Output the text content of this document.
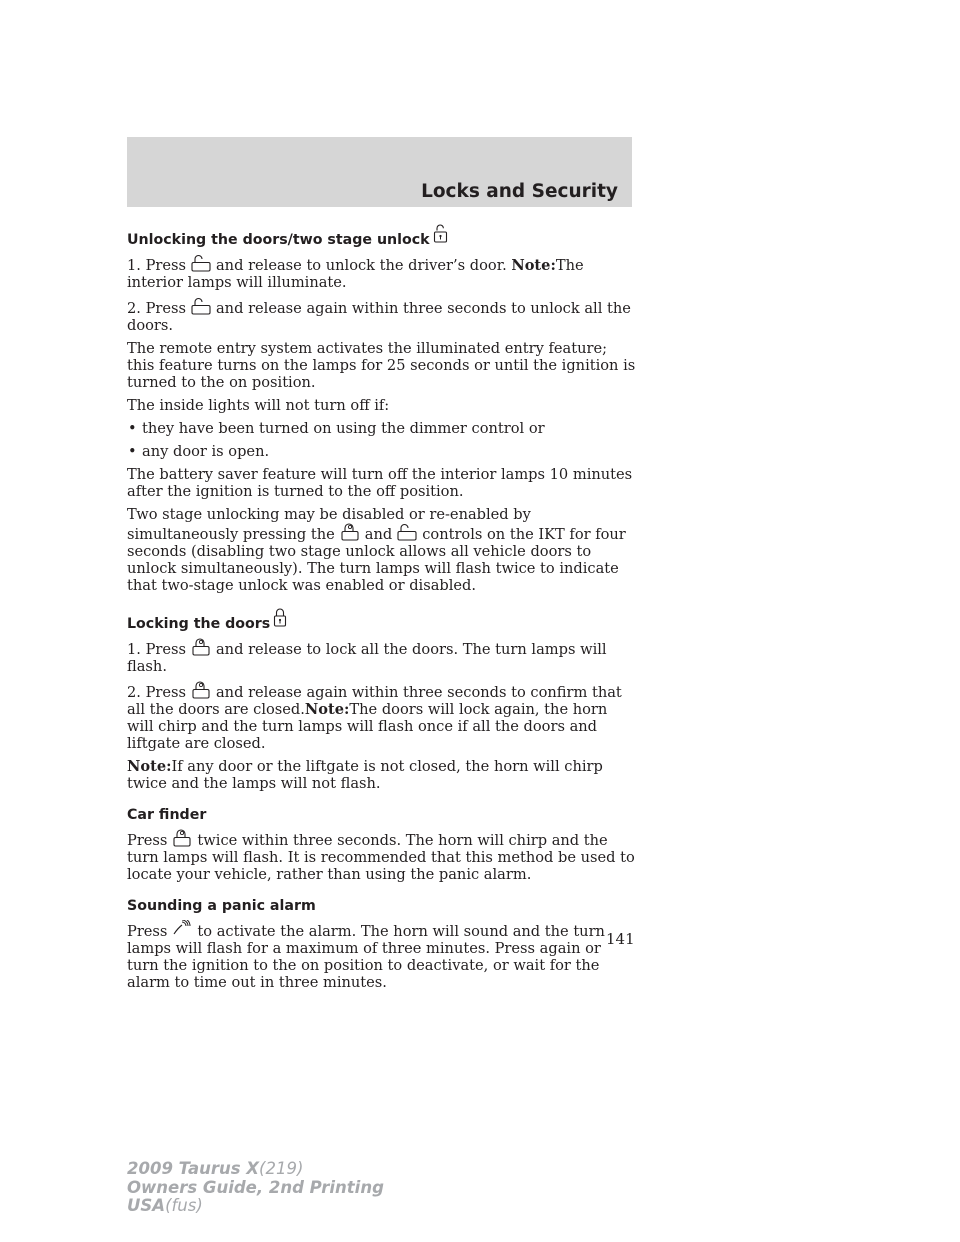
Locks and Security
Unlocking the doors/two stage unlock

1. Press and release to unlock the driver’s door. Note:The interior lamps will illuminate.

2. Press and release again within three seconds to unlock all the doors.

The remote entry system activates the illuminated entry feature; this feature turns on the lamps for 25 seconds or until the ignition is turned to the on position.

The inside lights will not turn off if:

• they have been turned on using the dimmer control or
• any door is open.

The battery saver feature will turn off the interior lamps 10 minutes after the ignition is turned to the off position.

Two stage unlocking may be disabled or re-enabled by simultaneously pressing the and controls on the IKT for four seconds (disabling two stage unlock allows all vehicle doors to unlock simultaneously). The turn lamps will flash twice to indicate that two-stage unlock was enabled or disabled.

Locking the doors

1. Press and release to lock all the doors. The turn lamps will flash.

2. Press and release again within three seconds to confirm that all the doors are closed.Note:The doors will lock again, the horn will chirp and the turn lamps will flash once if all the doors and liftgate are closed.

Note:If any door or the liftgate is not closed, the horn will chirp twice and the lamps will not flash.

Car finder

Press twice within three seconds. The horn will chirp and the turn lamps will flash. It is recommended that this method be used to locate your vehicle, rather than using the panic alarm.

Sounding a panic alarm

Press to activate the alarm. The horn will sound and the turn lamps will flash for a maximum of three minutes. Press again or turn the ignition to the on position to deactivate, or wait for the alarm to time out in three minutes.

141
2009 Taurus X(219)
Owners Guide, 2nd Printing
USA(fus)
